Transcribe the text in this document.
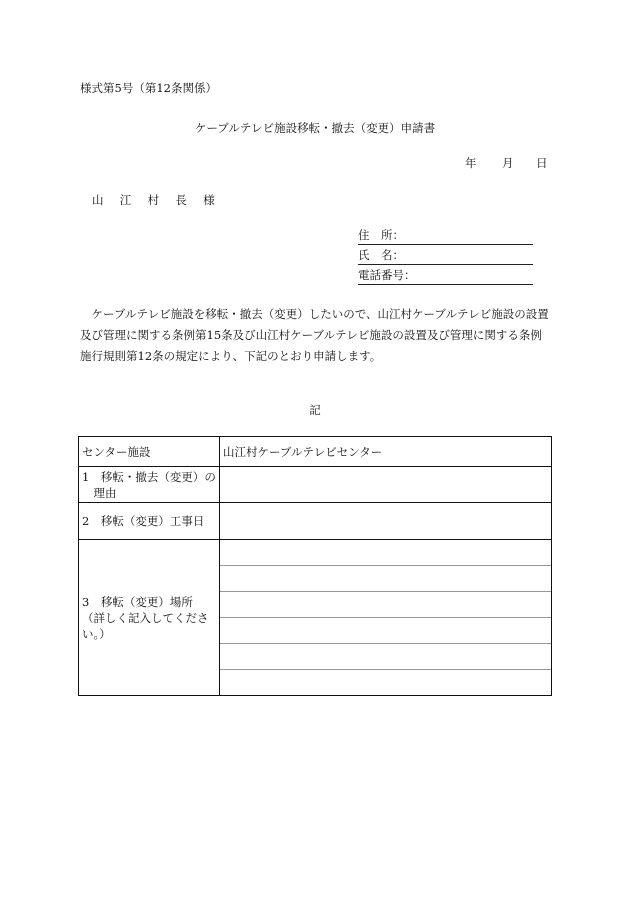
様式第5号（第12条関係）
ケーブルテレビ施設移転・撤去（変更）申請書
年 月 日
山 江 村 長 様
住　所：
氏　名：
電話番号：

　ケーブルテレビ施設を移転・撤去（変更）したいので、山江村ケーブルテレビ施設の設置

及び管理に関する条例第15条及び山江村ケーブルテレビ施設の設置及び管理に関する条例

施行規則第12条の規定により、下記のとおり申請します。

記
センター施設	山江村ケーブルテレビセンター

1　移転・撤去（変更）の
　理由	

2　移転（変更）工事日	

3　移転（変更）場所
（詳しく記入してください。）	
